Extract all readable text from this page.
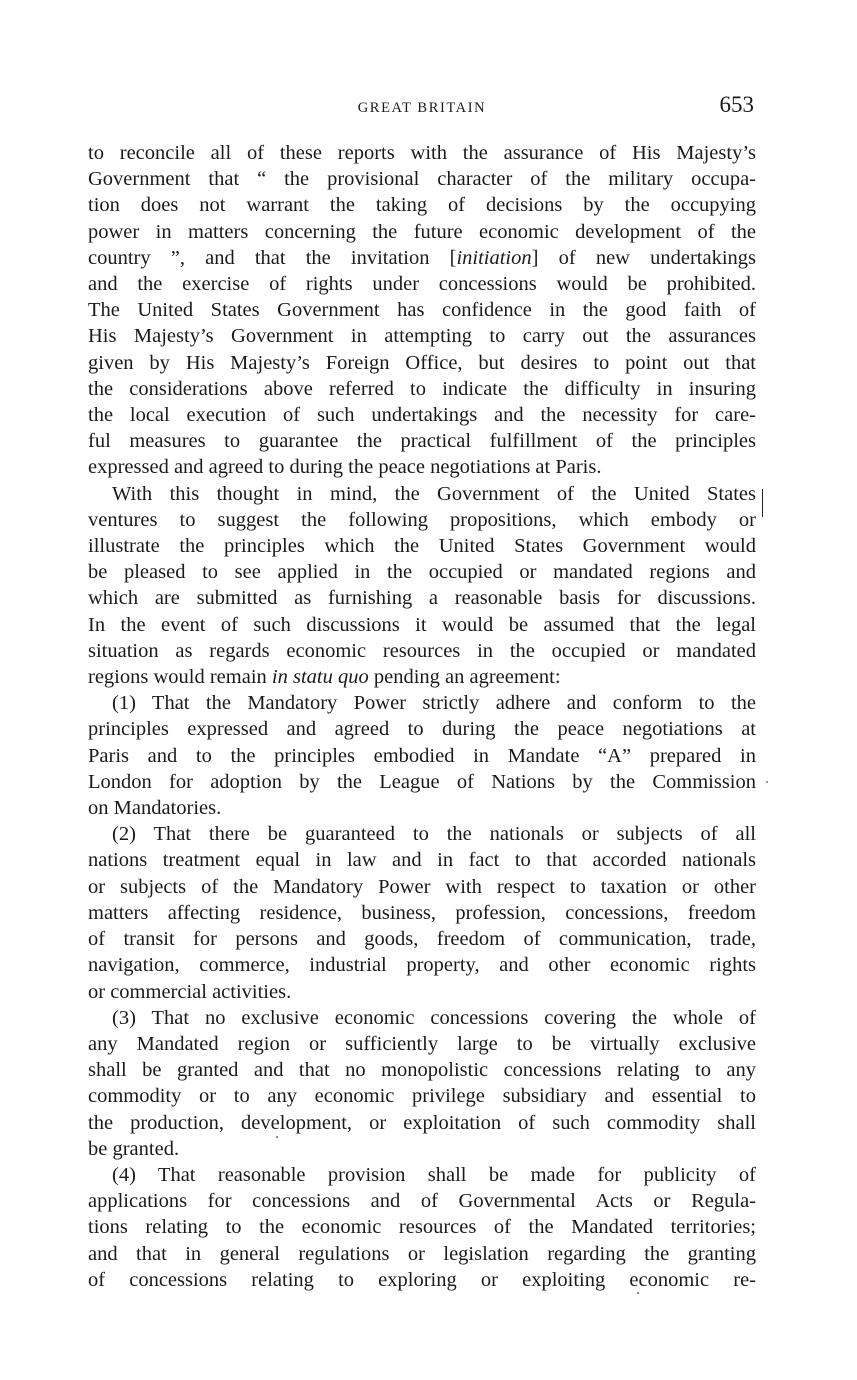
GREAT BRITAIN	653

to reconcile all of these reports with the assurance of His Majesty’s
Government that “ the provisional character of the military occupa-
tion does not warrant the taking of decisions by the occupying
power in matters concerning the future economic development of the
country ”, and that the invitation [initiation] of new undertakings
and the exercise of rights under concessions would be prohibited.
The United States Government has confidence in the good faith of
His Majesty’s Government in attempting to carry out the assurances
given by His Majesty’s Foreign Office, but desires to point out that
the considerations above referred to indicate the difficulty in insuring
the local execution of such undertakings and the necessity for care-
ful measures to guarantee the practical fulfillment of the principles
expressed and agreed to during the peace negotiations at Paris.

With this thought in mind, the Government of the United States
ventures to suggest the following propositions, which embody or
illustrate the principles which the United States Government would
be pleased to see applied in the occupied or mandated regions and
which are submitted as furnishing a reasonable basis for discussions.
In the event of such discussions it would be assumed that the legal
situation as regards economic resources in the occupied or mandated
regions would remain in statu quo pending an agreement:

(1) That the Mandatory Power strictly adhere and conform to the
principles expressed and agreed to during the peace negotiations at
Paris and to the principles embodied in Mandate “A” prepared in
London for adoption by the League of Nations by the Commission
on Mandatories.

(2) That there be guaranteed to the nationals or subjects of all
nations treatment equal in law and in fact to that accorded nationals
or subjects of the Mandatory Power with respect to taxation or other
matters affecting residence, business, profession, concessions, freedom
of transit for persons and goods, freedom of communication, trade,
navigation, commerce, industrial property, and other economic rights
or commercial activities.

(3) That no exclusive economic concessions covering the whole of
any Mandated region or sufficiently large to be virtually exclusive
shall be granted and that no monopolistic concessions relating to any
commodity or to any economic privilege subsidiary and essential to
the production, development, or exploitation of such commodity shall
be granted.

(4) That reasonable provision shall be made for publicity of
applications for concessions and of Governmental Acts or Regula-
tions relating to the economic resources of the Mandated territories;
and that in general regulations or legislation regarding the granting
of concessions relating to exploring or exploiting economic re-
